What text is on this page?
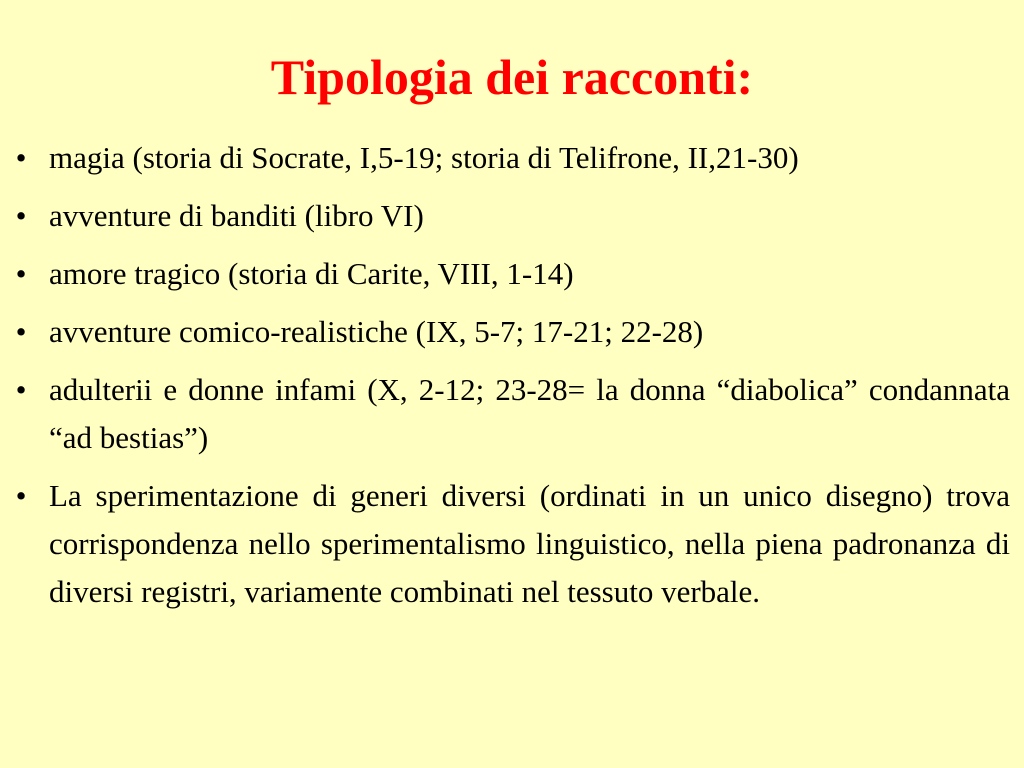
Tipologia dei racconti:
• magia (storia di Socrate, I,5-19; storia di Telifrone, II,21-30)
• avventure di banditi (libro VI)
• amore tragico (storia di Carite, VIII, 1-14)
• avventure comico-realistiche (IX, 5-7; 17-21; 22-28)
• adulterii e donne infami (X, 2-12; 23-28= la donna “diabolica” condannata “ad bestias”)
• La sperimentazione di generi diversi (ordinati in un unico disegno) trova corrispondenza nello sperimentalismo linguistico, nella piena padronanza di diversi registri, variamente combinati nel tessuto verbale.
